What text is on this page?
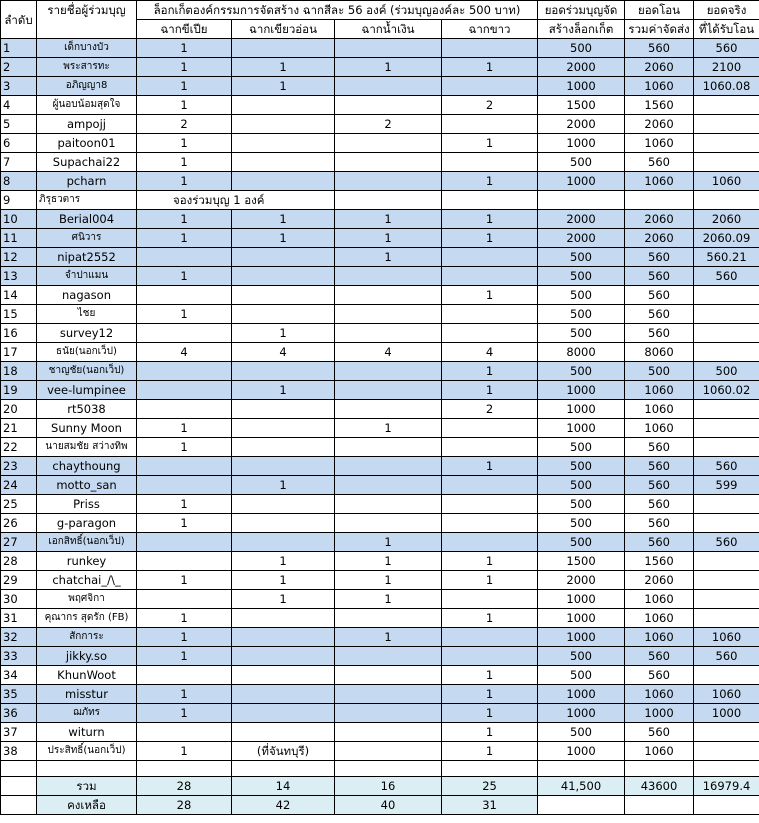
ลำดับ	รายชื่อผู้ร่วมบุญ	ล็อกเก็ตองค์กรรมการจัดสร้าง ฉากสีละ 56 องค์ (ร่วมบุญองค์ละ 500 บาท)				ยอดร่วมบุญจัด	ยอดโอน	ยอดจริง
		ฉากขีเปีย	ฉากเขียวอ่อน	ฉากน้ำเงิน	ฉากขาว	สร้างล็อกเก็ต	รวมค่าจัดส่ง	ที่ได้รับโอน
1	เด็กบางบัว	1				500	560	560
2	พระสารทะ	1	1	1	1	2000	2060	2100
3	อภิญญา8	1	1			1000	1060	1060.08
4	ผู้นอบน้อมสุดใจ	1			2	1500	1560	
5	ampojj	2		2		2000	2060	
6	paitoon01	1			1	1000	1060	
7	Supachai22	1				500	560	
8	pcharn	1			1	1000	1060	1060
9	ภิรุธวตาร	จองร่วมบุญ 1 องค์						
10	Berial004	1	1	1	1	2000	2060	2060
11	ศนิวาร	1	1	1	1	2000	2060	2060.09
12	nipat2552			1		500	560	560.21
13	จำปาแมน	1				500	560	560
14	nagason				1	500	560	
15	ไชย	1				500	560	
16	survey12		1			500	560	
17	ธนัย(นอกเว็ป)	4	4	4	4	8000	8060	
18	ชาญชัย(นอกเว็ป)				1	500	500	500
19	vee-lumpinee		1		1	1000	1060	1060.02
20	rt5038				2	1000	1060	
21	Sunny Moon	1		1		1000	1060	
22	นายสมชัย สว่างทิพ	1				500	560	
23	chaythoung				1	500	560	560
24	motto_san		1			500	560	599
25	Priss	1				500	560	
26	g-paragon	1				500	560	
27	เอกสิทธิ์(นอกเว็ป)			1		500	560	560
28	runkey		1	1	1	1500	1560	
29	chatchai_/\_	1	1	1	1	2000	2060	
30	พฤศจิกา		1	1		1000	1060	
31	คุณากร สุดรัก (FB)	1			1	1000	1060	
32	สักการะ	1		1		1000	1060	1060
33	jikky.so	1				500	560	560
34	KhunWoot				1	500	560	
35	misstur	1			1	1000	1060	1060
36	ฌภัทร	1			1	1000	1000	1000
37	witurn				1	500	560	
38	ประสิทธิ์(นอกเว็ป)	1	(ที่จันทบุรี)		1	1000	1060	

	รวม	28	14	16	25	41,500	43600	16979.4
	คงเหลือ	28	42	40	31			
